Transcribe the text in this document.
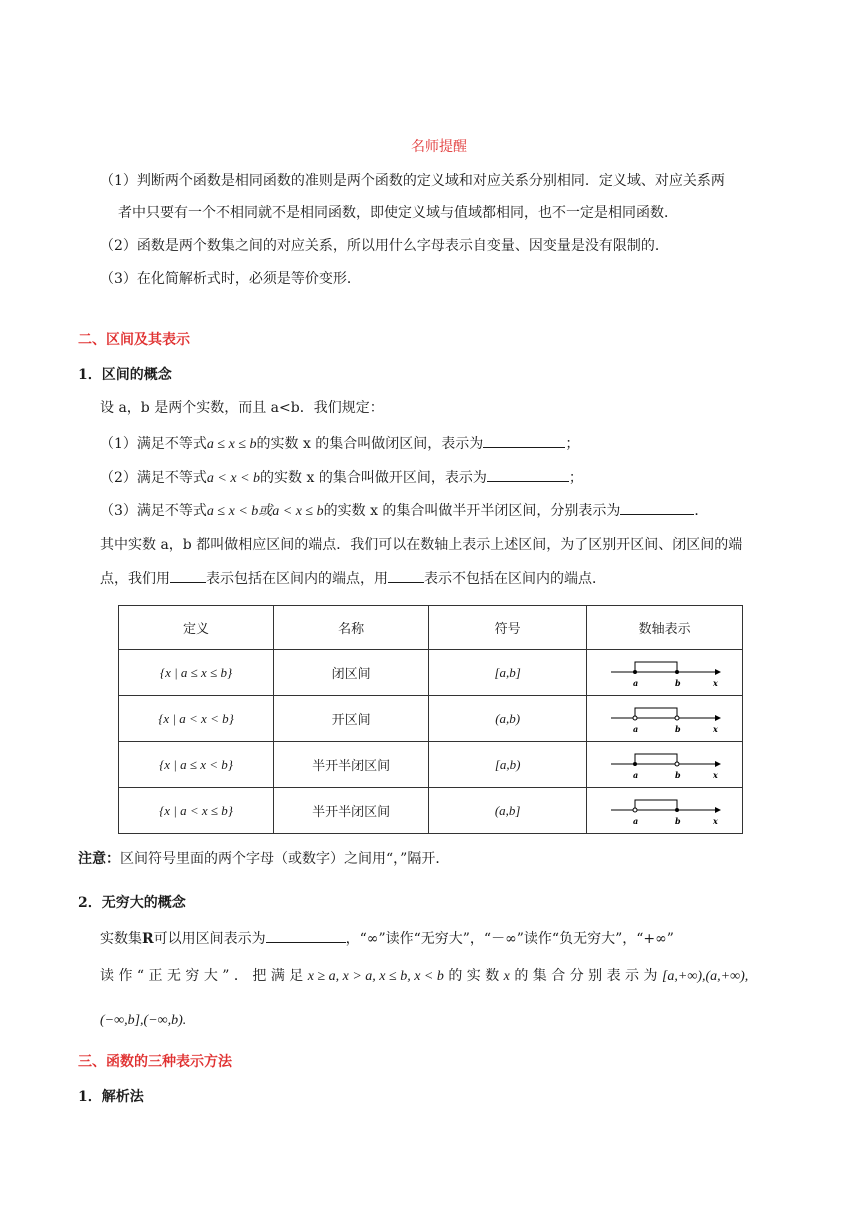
名师提醒
（1）判断两个函数是相同函数的准则是两个函数的定义域和对应关系分别相同．定义域、对应关系两
者中只要有一个不相同就不是相同函数，即使定义域与值域都相同，也不一定是相同函数．
（2）函数是两个数集之间的对应关系，所以用什么字母表示自变量、因变量是没有限制的．
（3）在化简解析式时，必须是等价变形．
二、区间及其表示
1．区间的概念
设 a，b 是两个实数，而且 a<b．我们规定：
（1）满足不等式a ≤ x ≤ b的实数 x 的集合叫做闭区间，表示为	；
（2）满足不等式a < x < b的实数 x 的集合叫做开区间，表示为	；
（3）满足不等式a ≤ x < b或a < x ≤ b的实数 x 的集合叫做半开半闭区间，分别表示为	．
其中实数 a，b 都叫做相应区间的端点．我们可以在数轴上表示上述区间，为了区别开区间、闭区间的端
点，我们用	表示包括在区间内的端点，用	表示不包括在区间内的端点．
定义	名称	符号	数轴表示
{x | a ≤ x ≤ b}	闭区间	[a,b]	a b x

{x | a < x < b}	开区间	(a,b)	a b x

{x | a ≤ x < b}	半开半闭区间	[a,b)	a b x

{x | a < x ≤ b}	半开半闭区间	(a,b]	a b x
注意：区间符号里面的两个字母（或数字）之间用“，”隔开．
2．无穷大的概念
实数集R可以用区间表示为	，“∞”读作“无穷大”，“－∞”读作“负无穷大”，“+∞”
读 作 “ 正 无 穷 大 ” ． 把 满 足 x ≥ a, x > a, x ≤ b, x < b 的 实 数 x 的 集 合 分 别 表 示 为 [a,+∞),(a,+∞),
(−∞,b],(−∞,b).
三、函数的三种表示方法
1．解析法
